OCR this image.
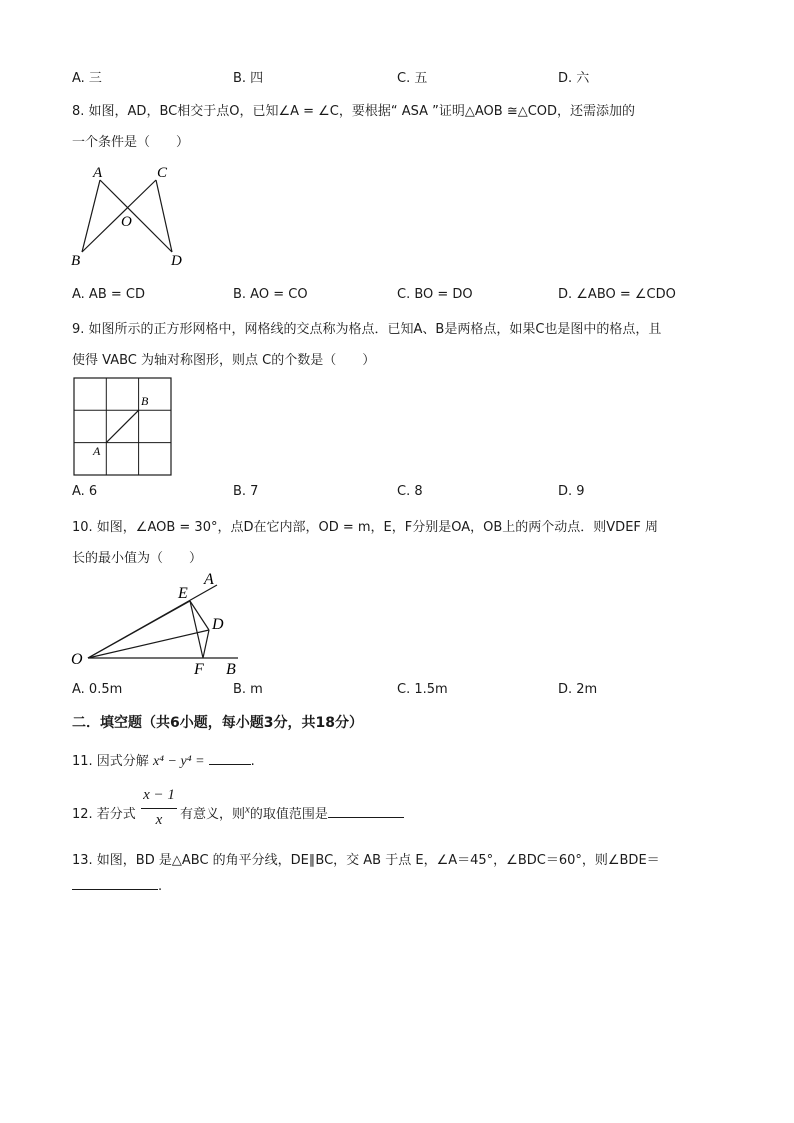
A. 三	B. 四	C. 五	D. 六
8. 如图，AD，BC相交于点O，已知∠A = ∠C，要根据“ ASA ”证明△AOB ≅△COD，还需添加的
一个条件是（　　）
A	C
O
B	D
A. AB = CD	B. AO = CO	C. BO = DO	D. ∠ABO = ∠CDO
9. 如图所示的正方形网格中，网格线的交点称为格点．已知A、B是两格点，如果C也是图中的格点，且
使得 VABC 为轴对称图形，则点 C的个数是（　　）
B
A
A. 6	B. 7	C. 8	D. 9
10. 如图，∠AOB = 30°，点D在它内部，OD = m，E，F分别是OA，OB上的两个动点．则VDEF 周
长的最小值为（　　）
A
E
D
O
F B
A. 0.5m	B. m	C. 1.5m	D. 2m
二．填空题（共6小题，每小题3分，共18分）
11. 因式分解 x⁴ − y⁴ =	.
12. 若分式
x − 1
x	有意义，则$^x$的取值范围是
13. 如图，BD 是△ABC 的角平分线，DE∥BC，交 AB 于点 E，∠A＝45°，∠BDC＝60°，则∠BDE＝
.
